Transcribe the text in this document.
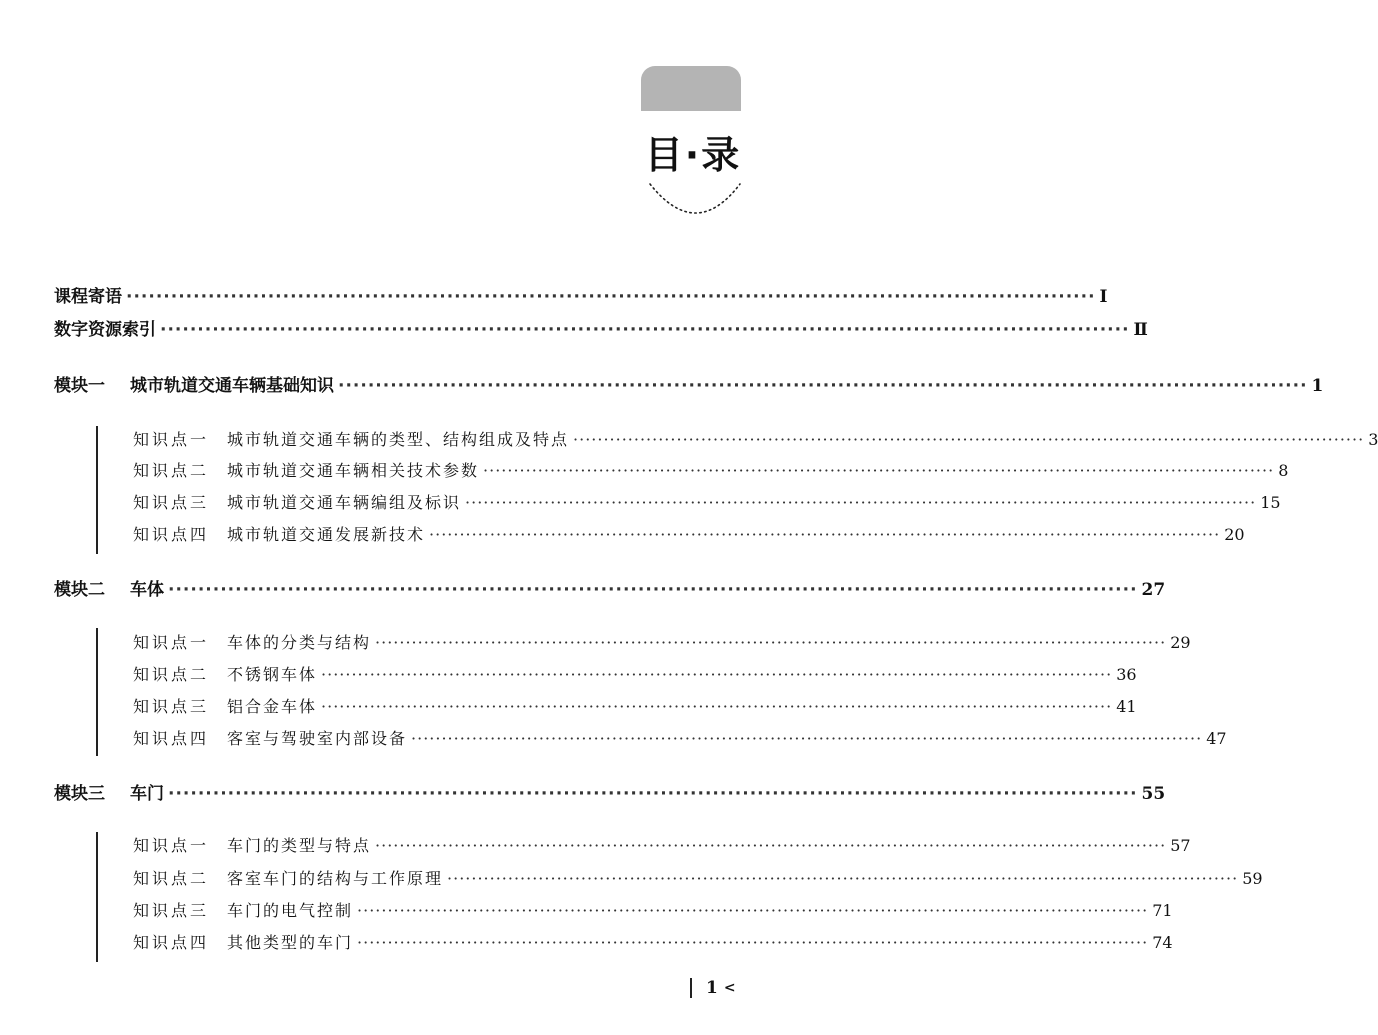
目·录
课程寄语 ·································································································································· Ⅰ
数字资源索引 ·································································································································· Ⅱ
模块一 城市轨道交通车辆基础知识 ·································································································································· 1
知识点一 城市轨道交通车辆的类型、结构组成及特点 ·································································································································· 3
知识点二 城市轨道交通车辆相关技术参数 ·································································································································· 8
知识点三 城市轨道交通车辆编组及标识 ·································································································································· 15
知识点四 城市轨道交通发展新技术 ·································································································································· 20
模块二 车体 ·································································································································· 27
知识点一 车体的分类与结构 ·································································································································· 29
知识点二 不锈钢车体 ·································································································································· 36
知识点三 铝合金车体 ·································································································································· 41
知识点四 客室与驾驶室内部设备 ·································································································································· 47
模块三 车门 ·································································································································· 55
知识点一 车门的类型与特点 ·································································································································· 57
知识点二 客室车门的结构与工作原理 ·································································································································· 59
知识点三 车门的电气控制 ·································································································································· 71
知识点四 其他类型的车门 ·································································································································· 74
1 <
